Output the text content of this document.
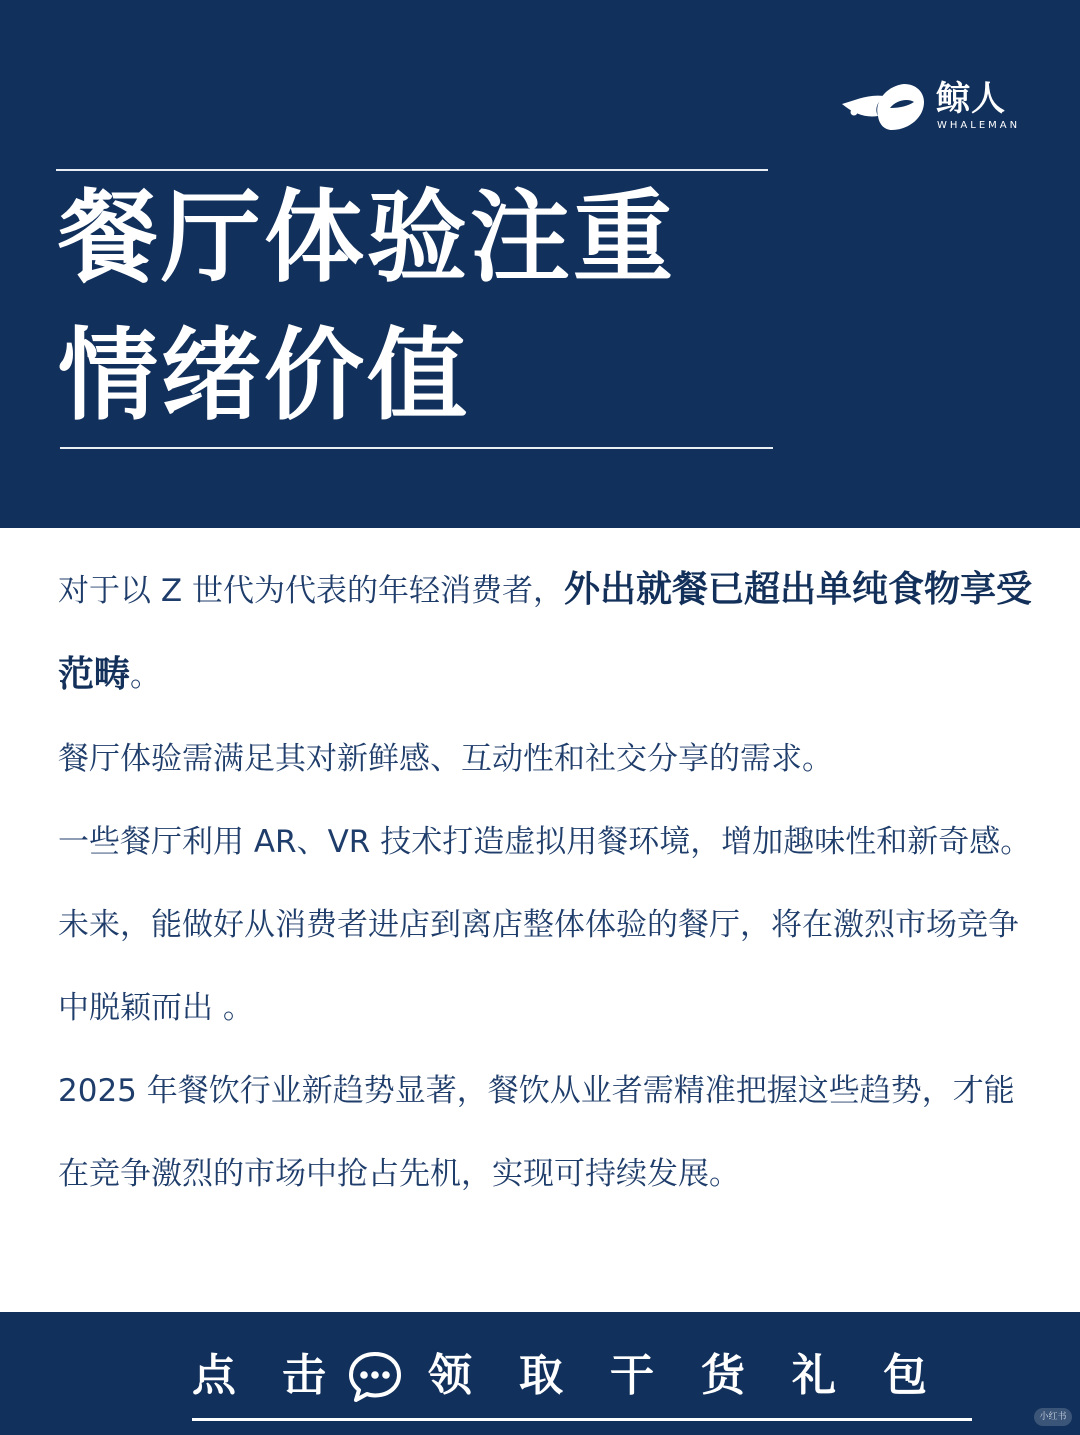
鲸人
WHALEMAN
餐厅体验注重
情绪价值
对于以 Z 世代为代表的年轻消费者，外出就餐已超出单纯食物享受范畴。
餐厅体验需满足其对新鲜感、互动性和社交分享的需求。
一些餐厅利用 AR、VR 技术打造虚拟用餐环境，增加趣味性和新奇感。
未来，能做好从消费者进店到离店整体体验的餐厅，将在激烈市场竞争中脱颖而出 。
2025 年餐饮行业新趋势显著，餐饮从业者需精准把握这些趋势，才能在竞争激烈的市场中抢占先机，实现可持续发展。
点 击 领 取 干 货 礼 包
小红书
